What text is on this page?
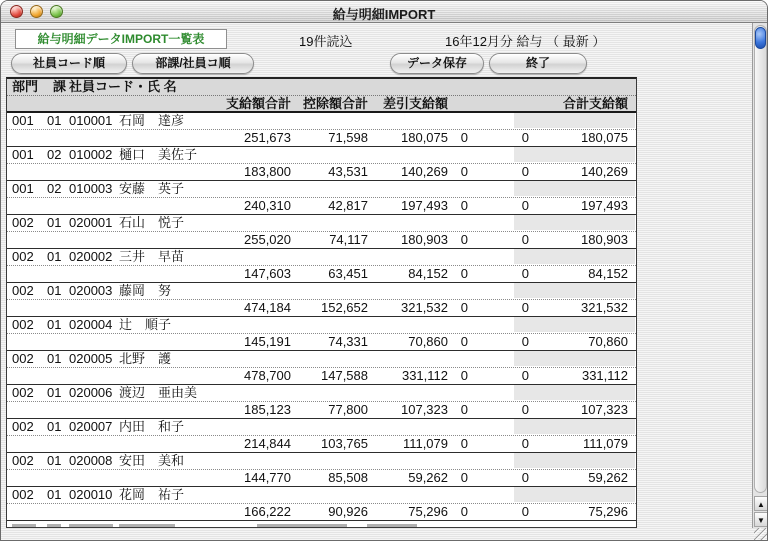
給与明細IMPORT
給与明細データIMPORT一覧表	19件読込	16年12月分 給与 （ 最新 ）
社員コード順	部課/社員コ順	データ保存	終了
部門 課 社員コード・氏 名
支給額合計 控除額合計	差引支給額	合計支給額
001 01 010001 石岡　達彦
251,673	71,598	180,075 0	0	180,075
001 02 010002 樋口　美佐子
183,800	43,531	140,269 0	0	140,269
001 02 010003 安藤　英子
240,310	42,817	197,493 0	0	197,493
002 01 020001 石山　悦子
255,020	74,117	180,903 0	0	180,903
002 01 020002 三井　早苗
147,603	63,451	84,152 0	0	84,152
002 01 020003 藤岡　努
474,184	152,652	321,532 0	0	321,532
002 01 020004 辻　順子
145,191	74,331	70,860 0	0	70,860
002 01 020005 北野　護
478,700	147,588	331,112 0	0	331,112
002 01 020006 渡辺　亜由美
185,123	77,800	107,323 0	0	107,323
002 01 020007 内田　和子
214,844	103,765	111,079 0	0	111,079
002 01 020008 安田　美和
144,770	85,508	59,262 0	0	59,262
002 01 020010 花岡　祐子
166,222	90,926	75,296 0	0	75,296	▲
▼
